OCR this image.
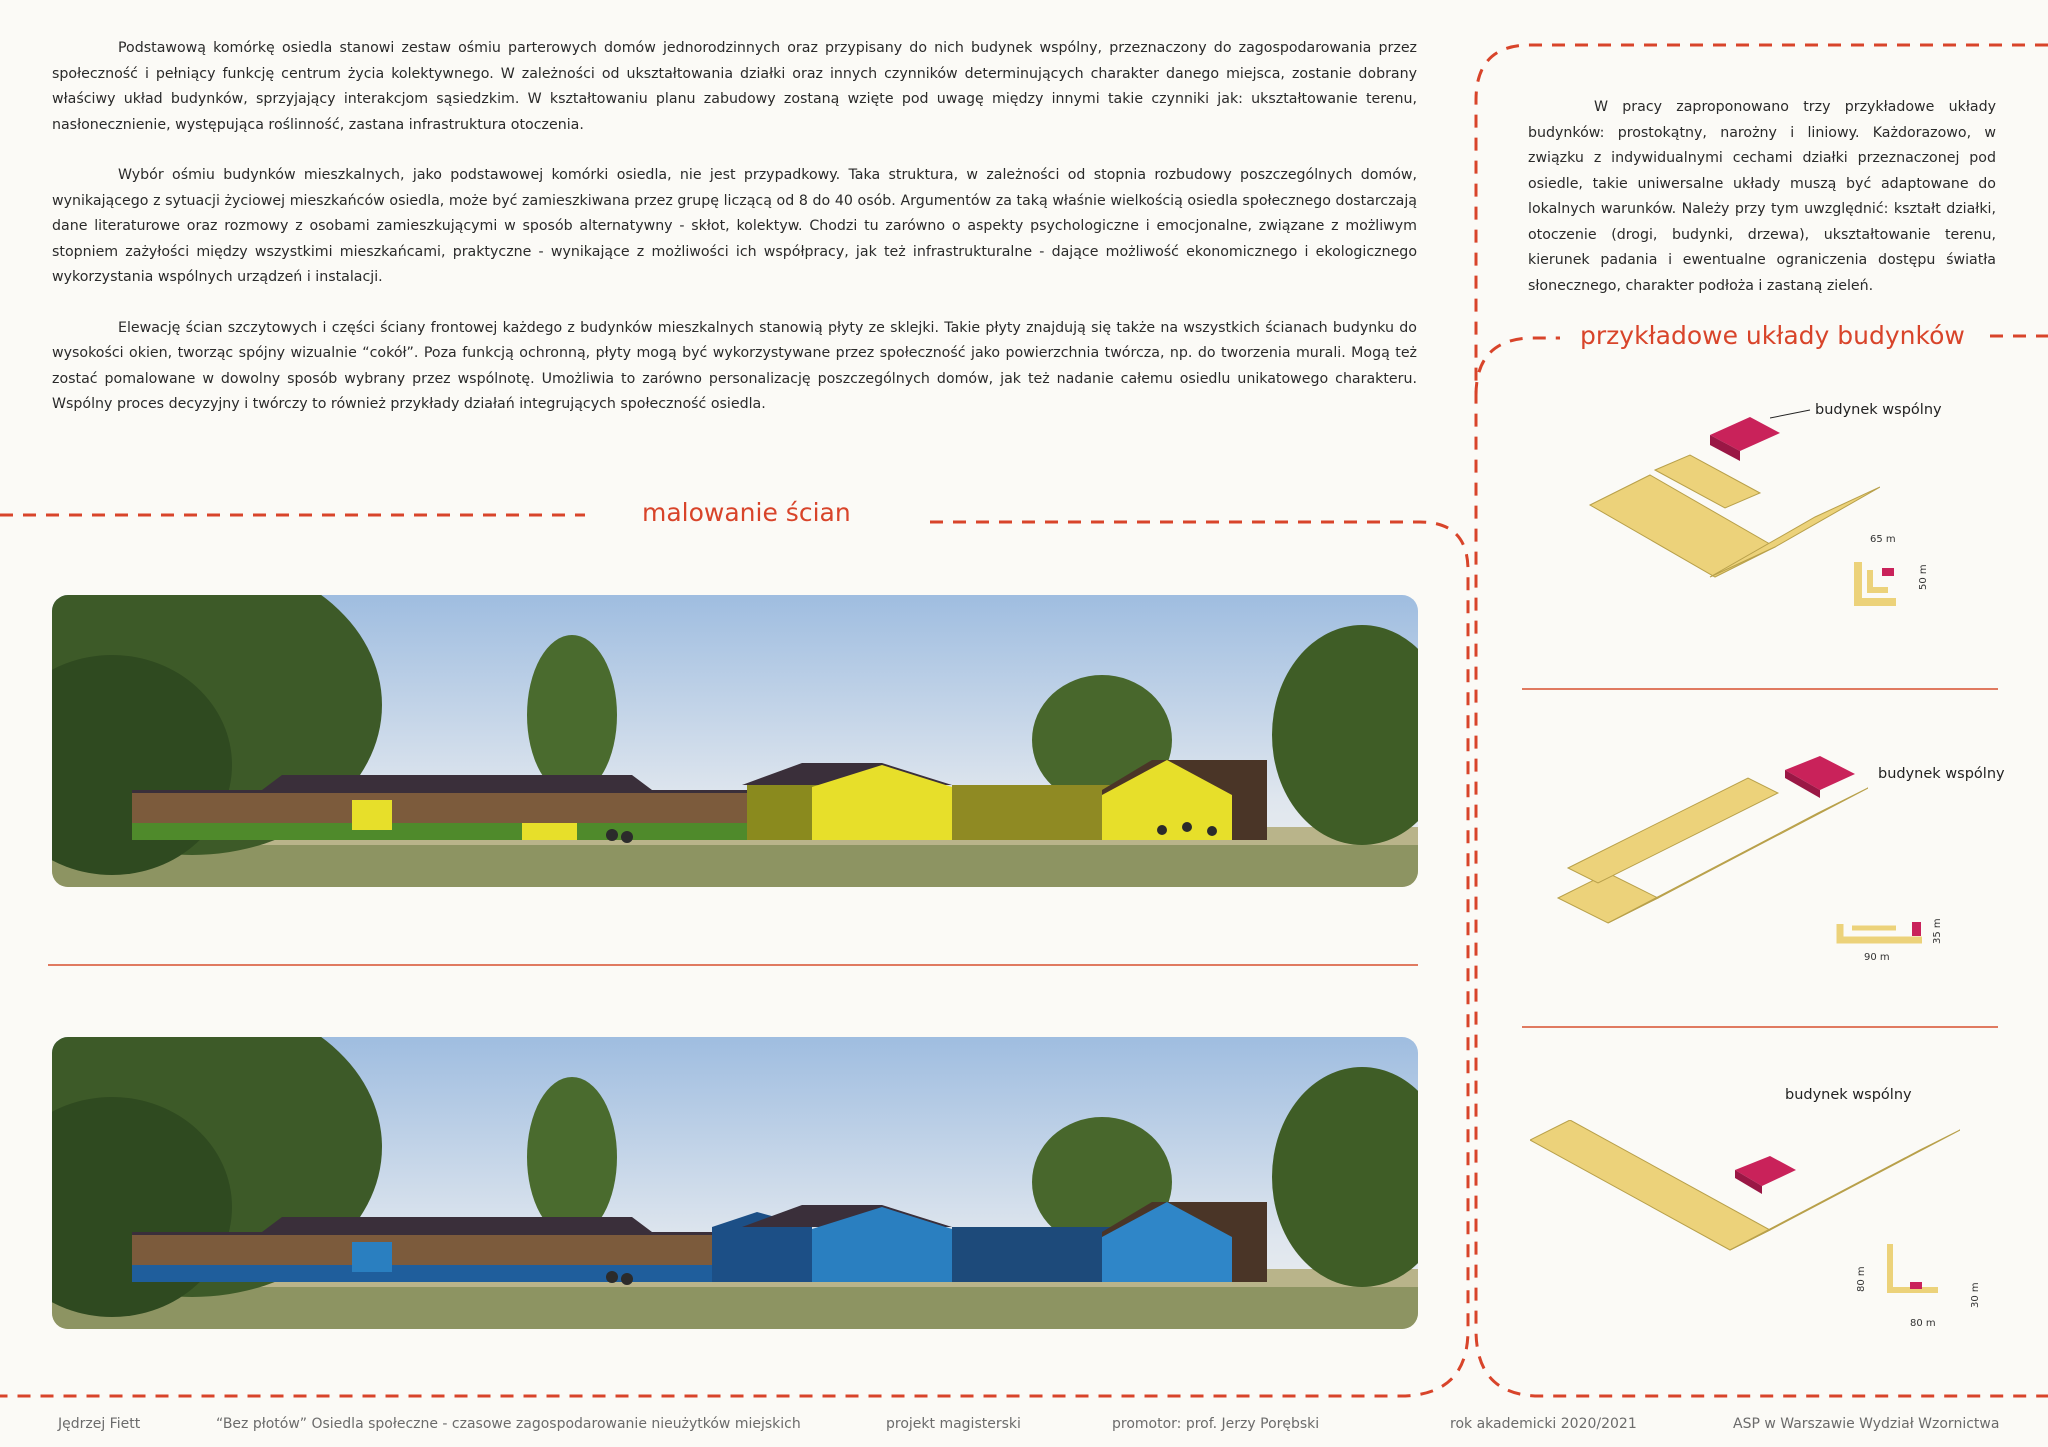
Podstawową komórkę osiedla stanowi zestaw ośmiu parterowych domów jednorodzinnych oraz przypisany do nich budynek wspólny, przeznaczony do zagospodarowania przez społeczność i pełniący funkcję centrum życia kolektywnego. W zależności od ukształtowania działki oraz innych czynników determinujących charakter danego miejsca, zostanie dobrany właściwy układ budynków, sprzyjający interakcjom sąsiedzkim. W kształtowaniu planu zabudowy zostaną wzięte pod uwagę między innymi takie czynniki jak: ukształtowanie terenu, nasłonecznienie, występująca roślinność, zastana infrastruktura otoczenia.

Wybór ośmiu budynków mieszkalnych, jako podstawowej komórki osiedla, nie jest przypadkowy. Taka struktura, w zależności od stopnia rozbudowy poszczególnych domów, wynikającego z sytuacji życiowej mieszkańców osiedla, może być zamieszkiwana przez grupę liczącą od 8 do 40 osób. Argumentów za taką właśnie wielkością osiedla społecznego dostarczają dane literaturowe oraz rozmowy z osobami zamieszkującymi w sposób alternatywny - skłot, kolektyw. Chodzi tu zarówno o aspekty psychologiczne i emocjonalne, związane z możliwym stopniem zażyłości między wszystkimi mieszkańcami, praktyczne - wynikające z możliwości ich współpracy, jak też infrastrukturalne - dające możliwość ekonomicznego i ekologicznego wykorzystania wspólnych urządzeń i instalacji.

Elewację ścian szczytowych i części ściany frontowej każdego z budynków mieszkalnych stanowią płyty ze sklejki. Takie płyty znajdują się także na wszystkich ścianach budynku do wysokości okien, tworząc spójny wizualnie “cokół”. Poza funkcją ochronną, płyty mogą być wykorzystywane przez społeczność jako powierzchnia twórcza, np. do tworzenia murali. Mogą też zostać pomalowane w dowolny sposób wybrany przez wspólnotę. Umożliwia to zarówno personalizację poszczególnych domów, jak też nadanie całemu osiedlu unikatowego charakteru. Wspólny proces decyzyjny i twórczy to również przykłady działań integrujących społeczność osiedla.

malowanie ścian

W pracy zaproponowano trzy przykładowe układy budynków: prostokątny, narożny i liniowy. Każdorazowo, w związku z indywidualnymi cechami działki przeznaczonej pod osiedle, takie uniwersalne układy muszą być adaptowane do lokalnych warunków. Należy przy tym uwzględnić: kształt działki, otoczenie (drogi, budynki, drzewa), ukształtowanie terenu, kierunek padania i ewentualne ograniczenia dostępu światła słonecznego, charakter podłoża i zastaną zieleń.

przykładowe układy budynków
budynek wspólny
65 m
50 m
budynek wspólny
90 m
35 m
budynek wspólny
80 m
80 m
30 m
Jędrzej Fiett	“Bez płotów” Osiedla społeczne - czasowe zagospodarowanie nieużytków miejskich	projekt magisterski	promotor: prof. Jerzy Porębski	rok akademicki 2020/2021	ASP w Warszawie Wydział Wzornictwa
